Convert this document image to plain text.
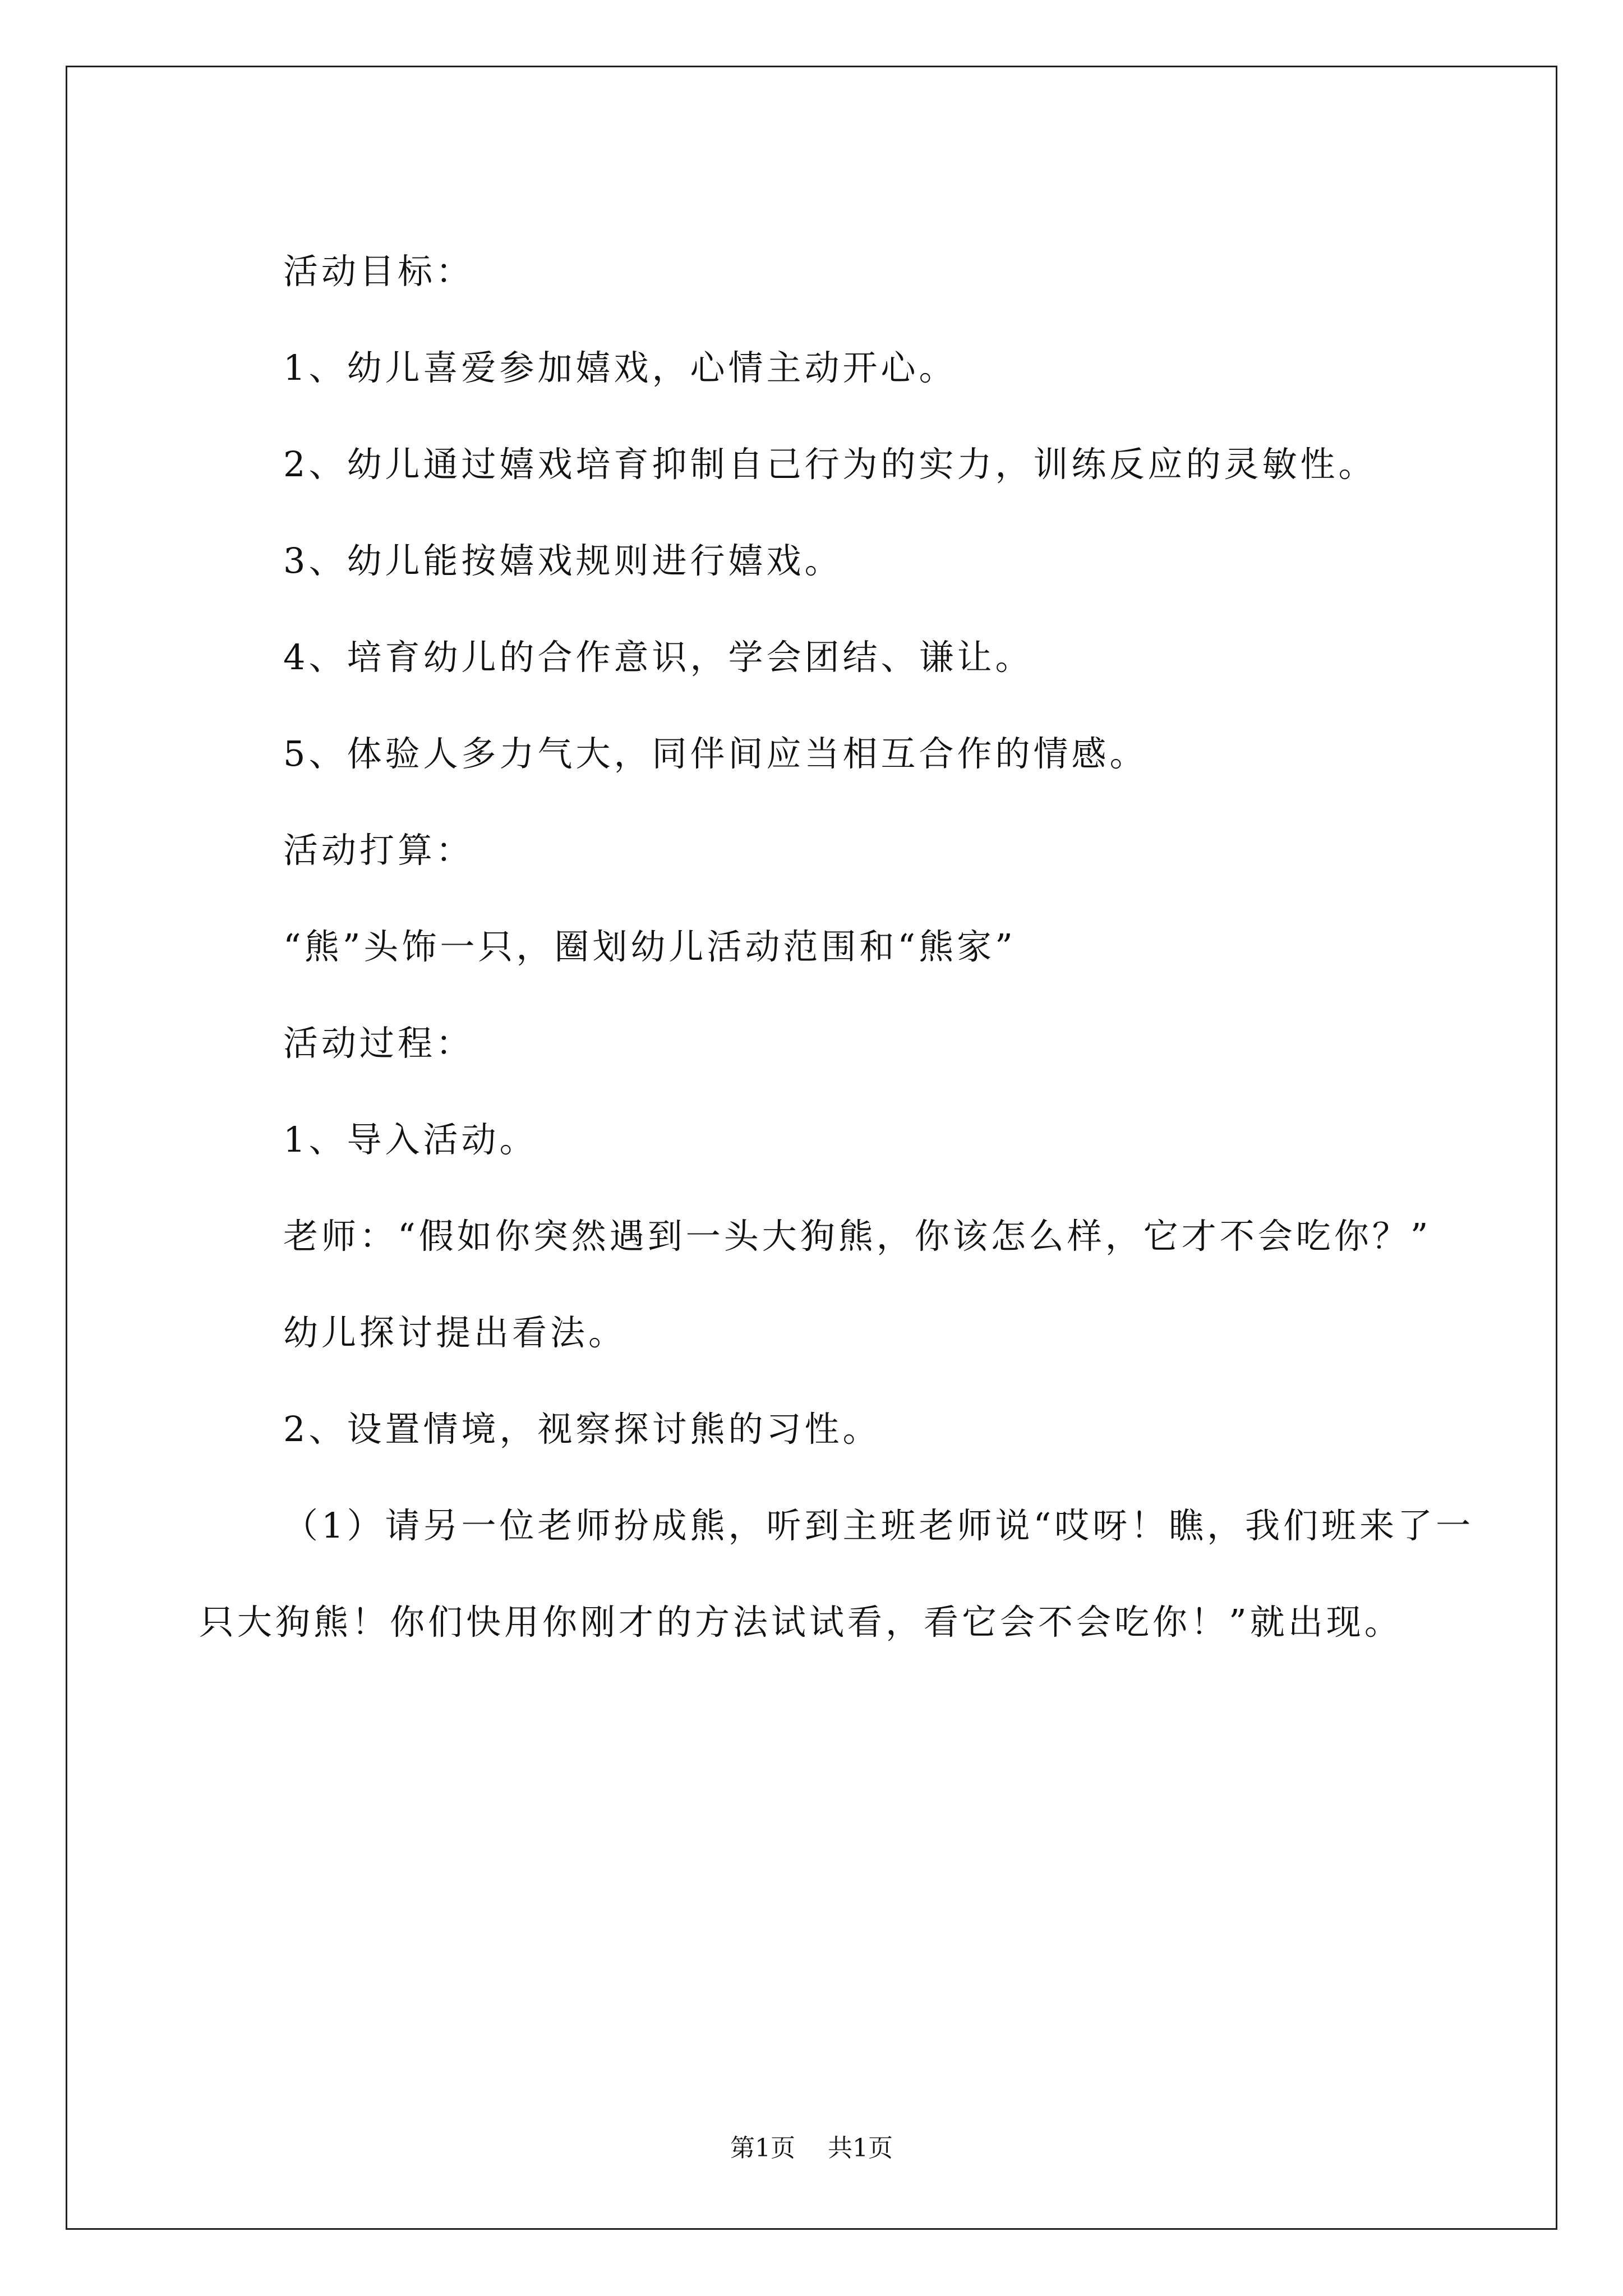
活动目标：

1、幼儿喜爱参加嬉戏，心情主动开心。

2、幼儿通过嬉戏培育抑制自己行为的实力，训练反应的灵敏性。

3、幼儿能按嬉戏规则进行嬉戏。

4、培育幼儿的合作意识，学会团结、谦让。

5、体验人多力气大，同伴间应当相互合作的情感。

活动打算：

“熊”头饰一只，圈划幼儿活动范围和“熊家”

活动过程：

1、导入活动。

老师：“假如你突然遇到一头大狗熊，你该怎么样，它才不会吃你？”

幼儿探讨提出看法。

2、设置情境，视察探讨熊的习性。

（1）请另一位老师扮成熊，听到主班老师说“哎呀！瞧，我们班来了一只大狗熊！你们快用你刚才的方法试试看，看它会不会吃你！”就出现。

第1页 共1页
